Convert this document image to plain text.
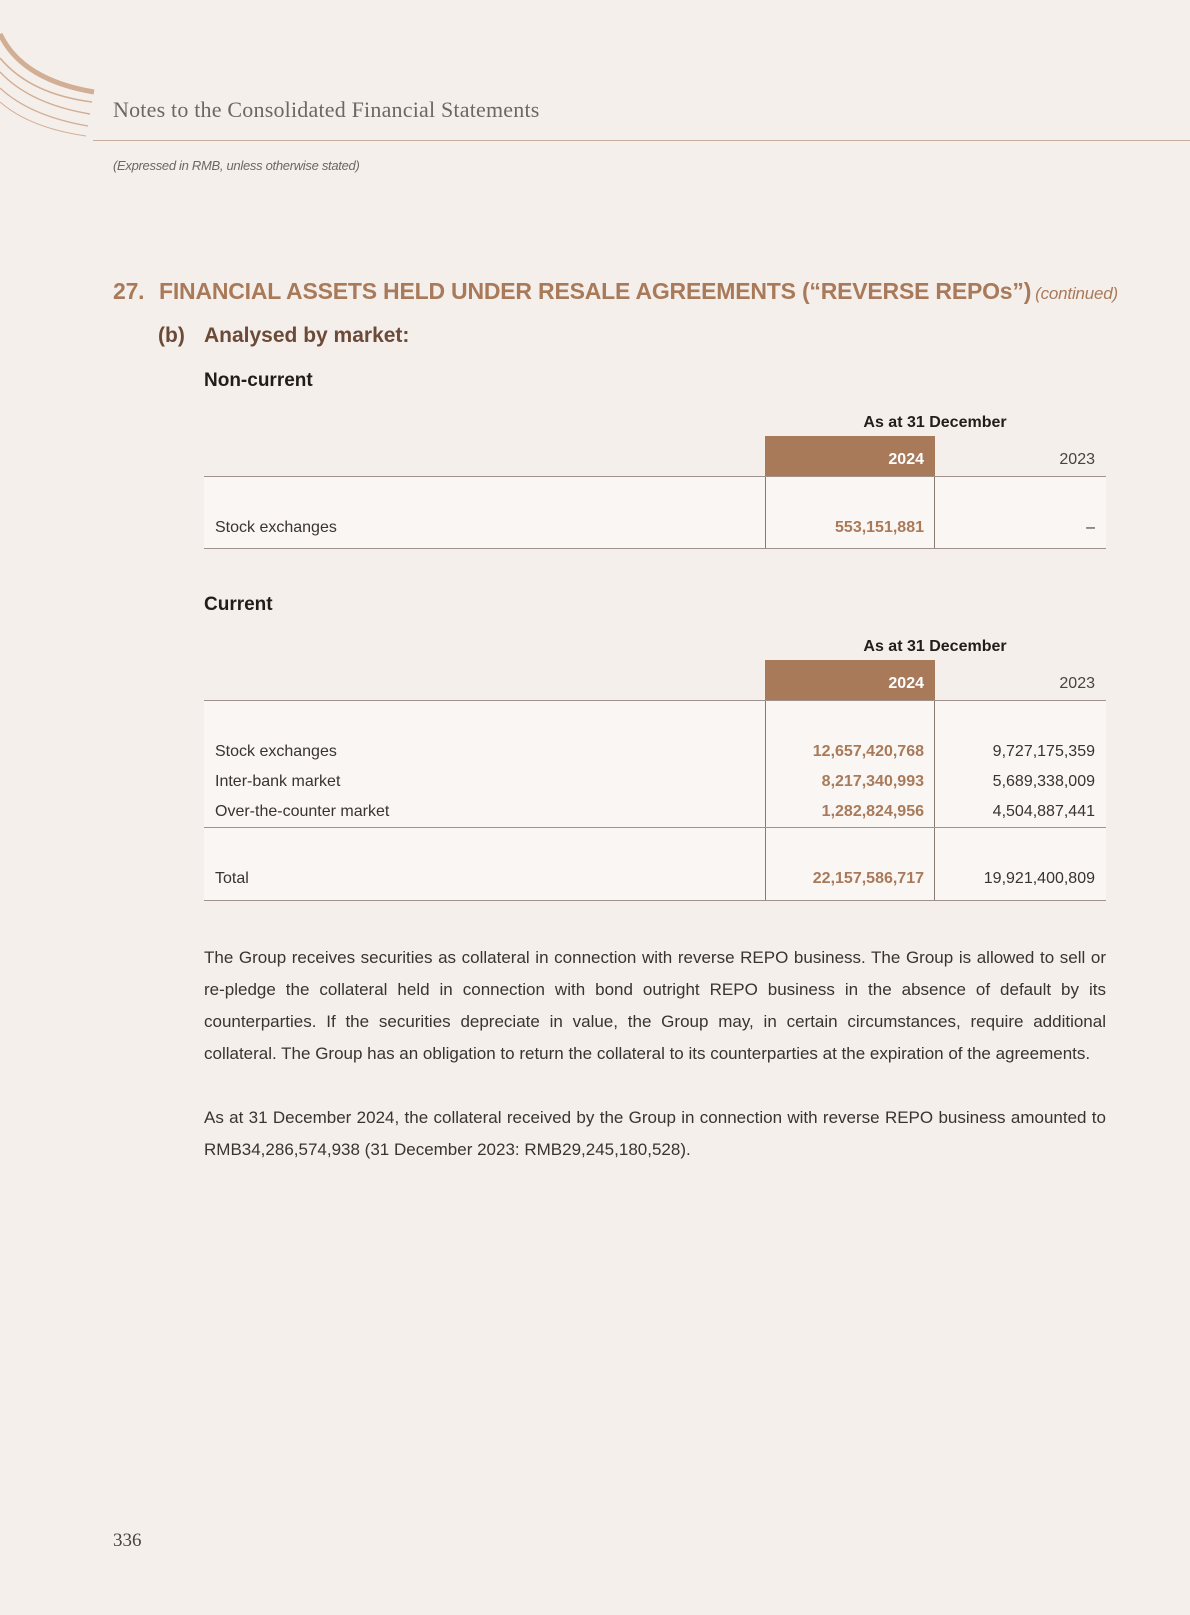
Notes to the Consolidated Financial Statements
(Expressed in RMB, unless otherwise stated)
27. FINANCIAL ASSETS HELD UNDER RESALE AGREEMENTS (“REVERSE REPOs”) (continued)
(b) Analysed by market:
Non-current
As at 31 December
2024	2023
Stock exchanges	553,151,881	–
Current
As at 31 December
2024	2023
Stock exchanges	12,657,420,768	9,727,175,359
Inter-bank market	8,217,340,993	5,689,338,009
Over-the-counter market	1,282,824,956	4,504,887,441
Total	22,157,586,717	19,921,400,809

The Group receives securities as collateral in connection with reverse REPO business. The Group is allowed to sell or re-pledge the collateral held in connection with bond outright REPO business in the absence of default by its counterparties. If the securities depreciate in value, the Group may, in certain circumstances, require additional collateral. The Group has an obligation to return the collateral to its counterparties at the expiration of the agreements.

As at 31 December 2024, the collateral received by the Group in connection with reverse REPO business amounted to RMB34,286,574,938 (31 December 2023: RMB29,245,180,528).

336
